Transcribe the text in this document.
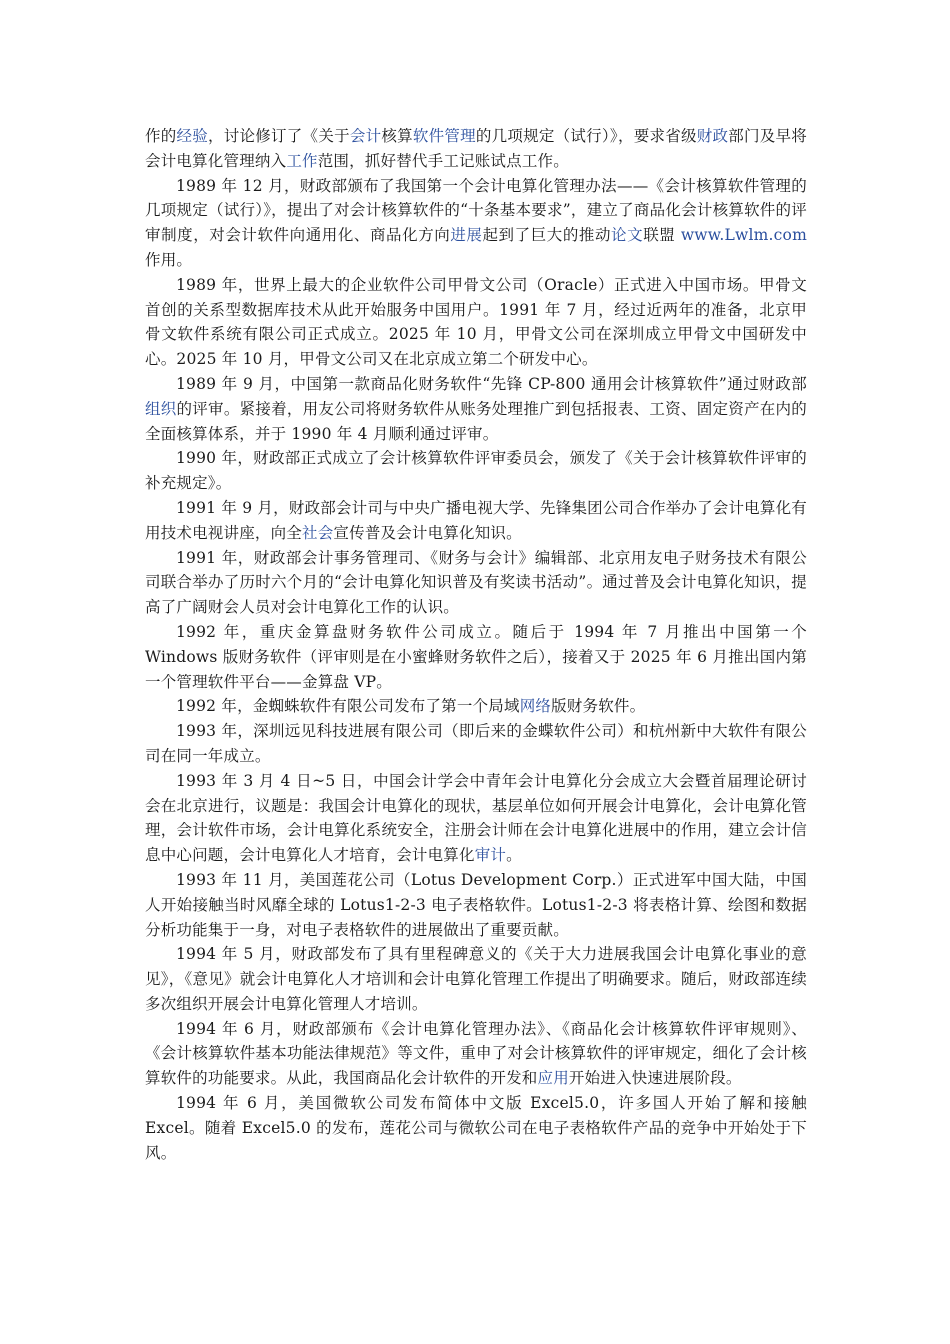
作的经验，讨论修订了《关于会计核算软件管理的几项规定（试行）》，要求省级财政部门及早将会计电算化管理纳入工作范围，抓好替代手工记账试点工作。

1989 年 12 月，财政部颁布了我国第一个会计电算化管理办法——《会计核算软件管理的几项规定（试行）》，提出了对会计核算软件的“十条基本要求”，建立了商品化会计核算软件的评审制度，对会计软件向通用化、商品化方向进展起到了巨大的推动论文联盟 www.Lwlm.com 作用。

1989 年，世界上最大的企业软件公司甲骨文公司（Oracle）正式进入中国市场。甲骨文首创的关系型数据库技术从此开始服务中国用户。1991 年 7 月，经过近两年的准备，北京甲骨文软件系统有限公司正式成立。2025 年 10 月，甲骨文公司在深圳成立甲骨文中国研发中心。2025 年 10 月，甲骨文公司又在北京成立第二个研发中心。

1989 年 9 月，中国第一款商品化财务软件“先锋 CP-800 通用会计核算软件”通过财政部组织的评审。紧接着，用友公司将财务软件从账务处理推广到包括报表、工资、固定资产在内的全面核算体系，并于 1990 年 4 月顺利通过评审。

1990 年，财政部正式成立了会计核算软件评审委员会，颁发了《关于会计核算软件评审的补充规定》。

1991 年 9 月，财政部会计司与中央广播电视大学、先锋集团公司合作举办了会计电算化有用技术电视讲座，向全社会宣传普及会计电算化知识。

1991 年，财政部会计事务管理司、《财务与会计》编辑部、北京用友电子财务技术有限公司联合举办了历时六个月的“会计电算化知识普及有奖读书活动”。通过普及会计电算化知识，提高了广阔财会人员对会计电算化工作的认识。

1992 年，重庆金算盘财务软件公司成立。随后于 1994 年 7 月推出中国第一个 Windows 版财务软件（评审则是在小蜜蜂财务软件之后），接着又于 2025 年 6 月推出国内第一个管理软件平台——金算盘 VP。

1992 年，金蜘蛛软件有限公司发布了第一个局域网络版财务软件。

1993 年，深圳远见科技进展有限公司（即后来的金蝶软件公司）和杭州新中大软件有限公司在同一年成立。

1993 年 3 月 4 日~5 日，中国会计学会中青年会计电算化分会成立大会暨首届理论研讨会在北京进行，议题是：我国会计电算化的现状，基层单位如何开展会计电算化，会计电算化管理，会计软件市场，会计电算化系统安全，注册会计师在会计电算化进展中的作用，建立会计信息中心问题，会计电算化人才培育，会计电算化审计。

1993 年 11 月，美国莲花公司（Lotus Development Corp.）正式进军中国大陆，中国人开始接触当时风靡全球的 Lotus1-2-3 电子表格软件。Lotus1-2-3 将表格计算、绘图和数据分析功能集于一身，对电子表格软件的进展做出了重要贡献。

1994 年 5 月，财政部发布了具有里程碑意义的《关于大力进展我国会计电算化事业的意见》，《意见》就会计电算化人才培训和会计电算化管理工作提出了明确要求。随后，财政部连续多次组织开展会计电算化管理人才培训。

1994 年 6 月，财政部颁布《会计电算化管理办法》、《商品化会计核算软件评审规则》、《会计核算软件基本功能法律规范》等文件，重申了对会计核算软件的评审规定，细化了会计核算软件的功能要求。从此，我国商品化会计软件的开发和应用开始进入快速进展阶段。

1994 年 6 月，美国微软公司发布简体中文版 Excel5.0，许多国人开始了解和接触 Excel。随着 Excel5.0 的发布，莲花公司与微软公司在电子表格软件产品的竞争中开始处于下风。
